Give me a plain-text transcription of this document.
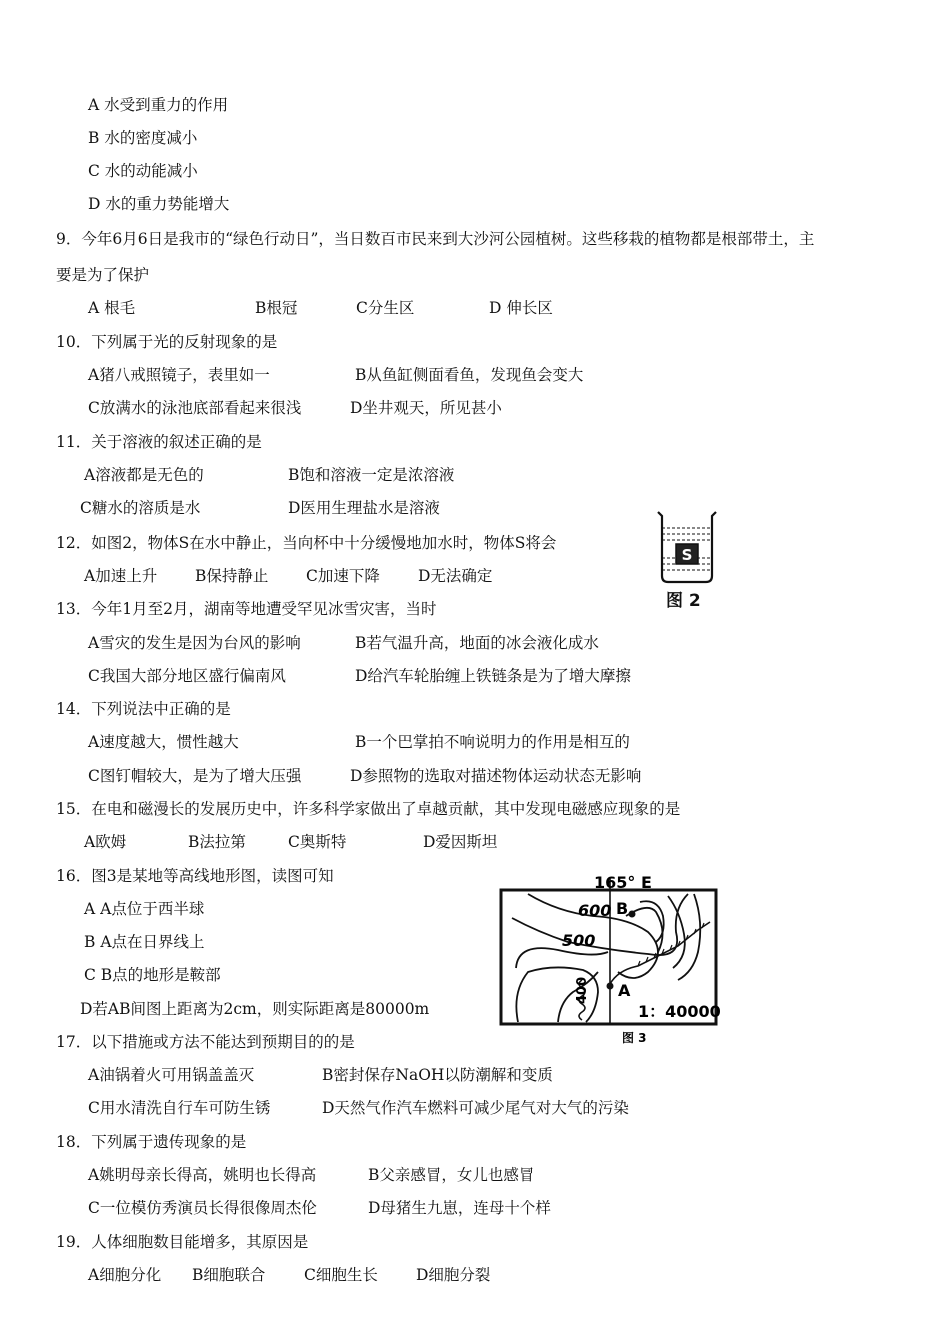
A 水受到重力的作用
B 水的密度减小
C 水的动能减小
D 水的重力势能增大
9．今年6月6日是我市的“绿色行动日”，当日数百市民来到大沙河公园植树。这些移栽的植物都是根部带土，主
要是为了保护
A 根毛	B根冠	C分生区	D 伸长区
10．下列属于光的反射现象的是
A猪八戒照镜子，表里如一	B从鱼缸侧面看鱼，发现鱼会变大
C放满水的泳池底部看起来很浅	D坐井观天，所见甚小
11．关于溶液的叙述正确的是
A溶液都是无色的	B饱和溶液一定是浓溶液
C糖水的溶质是水	D医用生理盐水是溶液
12．如图2，物体S在水中静止，当向杯中十分缓慢地加水时，物体S将会
A加速上升 B保持静止 C加速下降 D无法确定
S
图 2
13．今年1月至2月，湖南等地遭受罕见冰雪灾害，当时
A雪灾的发生是因为台风的影响	B若气温升高，地面的冰会液化成水
C我国大部分地区盛行偏南风	D给汽车轮胎缠上铁链条是为了增大摩擦
14．下列说法中正确的是
A速度越大，惯性越大	B一个巴掌拍不响说明力的作用是相互的
C图钉帽较大，是为了增大压强	D参照物的选取对描述物体运动状态无影响
15．在电和磁漫长的发展历史中，许多科学家做出了卓越贡献，其中发现电磁感应现象的是
A欧姆	B法拉第	C奥斯特	D爱因斯坦
16．图3是某地等高线地形图，读图可知
A A点位于西半球
B A点在日界线上
C B点的地形是鞍部
D若AB间图上距离为2cm，则实际距离是80000m
165° E
600
500
400
B
A
1：40000
图 3
17．以下措施或方法不能达到预期目的的是
A油锅着火可用锅盖盖灭	B密封保存NaOH以防潮解和变质
C用水清洗自行车可防生锈	D天然气作汽车燃料可减少尾气对大气的污染
18．下列属于遗传现象的是
A姚明母亲长得高，姚明也长得高	B父亲感冒，女儿也感冒
C一位模仿秀演员长得很像周杰伦	D母猪生九崽，连母十个样
19．人体细胞数目能增多，其原因是
A细胞分化 B细胞联合 C细胞生长 D细胞分裂
